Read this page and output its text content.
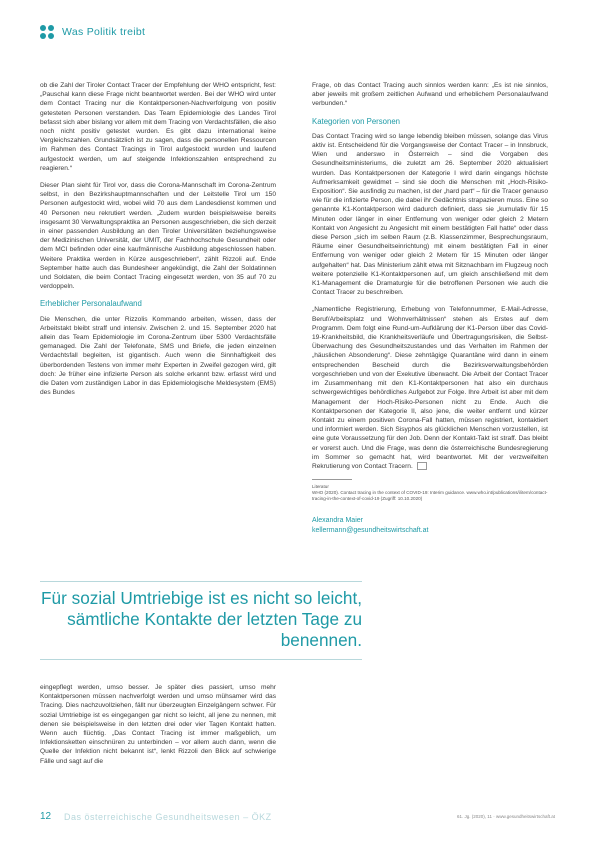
Was Politik treibt

ob die Zahl der Tiroler Contact Tracer der Empfehlung der WHO entspricht, fest: „Pauschal kann diese Frage nicht beantwortet werden. Bei der WHO wird unter dem Contact Tracing nur die Kontaktpersonen-Nachverfolgung von positiv getesteten Personen verstanden. Das Team Epidemiologie des Landes Tirol befasst sich aber bislang vor allem mit dem Tracing von Verdachtsfällen, die also noch nicht positiv getestet wurden. Es gibt dazu international keine Vergleichszahlen. Grundsätzlich ist zu sagen, dass die personellen Ressourcen im Rahmen des Contact Tracings in Tirol aufgestockt wurden und laufend aufgestockt werden, um auf steigende Infektionszahlen entsprechend zu reagieren.“

Dieser Plan sieht für Tirol vor, dass die Corona-Mannschaft im Corona-Zentrum selbst, in den Bezirkshauptmannschaften und der Leitstelle Tirol um 150 Personen aufgestockt wird, wobei wild 70 aus dem Landesdienst kommen und 40 Personen neu rekrutiert werden. „Zudem wurden beispielsweise bereits insgesamt 30 Verwaltungspraktika an Personen ausgeschrieben, die sich derzeit in einer passenden Ausbildung an den Tiroler Universitäten beziehungsweise der Medizinischen Universität, der UMIT, der Fachhochschule Gesundheit oder dem MCI befinden oder eine kaufmännische Ausbildung abgeschlossen haben. Weitere Praktika werden in Kürze ausgeschrieben“, zählt Rizzoli auf. Ende September hatte auch das Bundesheer angekündigt, die Zahl der Soldatinnen und Soldaten, die beim Contact Tracing eingesetzt werden, von 35 auf 70 zu verdoppeln.

Erheblicher Personalaufwand

Die Menschen, die unter Rizzolis Kommando arbeiten, wissen, dass der Arbeitstakt bleibt straff und intensiv. Zwischen 2. und 15. September 2020 hat allein das Team Epidemiologie im Corona-Zentrum über 5300 Verdachtsfälle gemanaged. Die Zahl der Telefonate, SMS und Briefe, die jeden einzelnen Verdachtsfall begleiten, ist gigantisch. Auch wenn die Sinnhaftigkeit des überbordenden Testens von immer mehr Experten in Zweifel gezogen wird, gilt doch: Je früher eine infizierte Person als solche erkannt bzw. erfasst wird und die Daten vom zuständigen Labor in das Epidemiologische Meldesystem (EMS) des Bundes

Für sozial Umtriebige ist es nicht so leicht, sämtliche Kontakte der letzten Tage zu benennen.

eingepflegt werden, umso besser. Je später dies passiert, umso mehr Kontaktpersonen müssen nachverfolgt werden und umso mühsamer wird das Tracing. Dies nachzuvollziehen, fällt nur überzeugten Einzelgängern schwer. Für sozial Umtriebige ist es eingegangen gar nicht so leicht, all jene zu nennen, mit denen sie beispielsweise in den letzten drei oder vier Tagen Kontakt hatten. Wenn auch flüchtig. „Das Contact Tracing ist immer maßgeblich, um Infektionsketten einschnüren zu unterbinden – vor allem auch dann, wenn die Quelle der Infektion nicht bekannt ist“, lenkt Rizzoli den Blick auf schwierige Fälle und sagt auf die

Frage, ob das Contact Tracing auch sinnlos werden kann: „Es ist nie sinnlos, aber jeweils mit großem zeitlichen Aufwand und erheblichem Personalaufwand verbunden.“

Kategorien von Personen

Das Contact Tracing wird so lange lebendig bleiben müssen, solange das Virus aktiv ist. Entscheidend für die Vorgangsweise der Contact Tracer – in Innsbruck, Wien und anderswo in Österreich – sind die Vorgaben des Gesundheitsministeriums, die zuletzt am 26. September 2020 aktualisiert wurden. Das Kontaktpersonen der Kategorie I wird darin eingangs höchste Aufmerksamkeit gewidmet – sind sie doch die Menschen mit „Hoch-Risiko-Exposition“. Sie ausfindig zu machen, ist der „hard part“ – für die Tracer genauso wie für die infizierte Person, die dabei ihr Gedächtnis strapazieren muss. Eine so genannte K1-Kontaktperson wird dadurch definiert, dass sie „kumulativ für 15 Minuten oder länger in einer Entfernung von weniger oder gleich 2 Metern Kontakt von Angesicht zu Angesicht mit einem bestätigten Fall hatte“ oder dass diese Person „sich im selben Raum (z.B. Klassenzimmer, Besprechungsraum, Räume einer Gesundheitseinrichtung) mit einem bestätigten Fall in einer Entfernung von weniger oder gleich 2 Metern für 15 Minuten oder länger aufgehalten“ hat. Das Ministerium zählt etwa mit Sitznachbarn im Flugzeug noch weitere potenzielle K1-Kontaktpersonen auf, um gleich anschließend mit dem K1-Management die Dramaturgie für die betroffenen Personen wie auch die Contact Tracer zu beschreiben.

„Namentliche Registrierung, Erhebung von Telefonnummer, E-Mail-Adresse, Beruf/Arbeitsplatz und Wohnverhältnissen“ stehen als Erstes auf dem Programm. Dem folgt eine Rund-um-Aufklärung der K1-Person über das Covid-19-Krankheitsbild, die Krankheitsverläufe und Übertragungsrisiken, die Selbst-Überwachung des Gesundheitszustandes und das Verhalten im Rahmen der „häuslichen Absonderung“. Diese zehntägige Quarantäne wird dann in einem entsprechenden Bescheid durch die Bezirksverwaltungsbehörden vorgeschrieben und von der Exekutive überwacht. Die Arbeit der Contact Tracer im Zusammenhang mit den K1-Kontaktpersonen hat also ein durchaus schwergewichtiges behördliches Aufgebot zur Folge. Ihre Arbeit ist aber mit dem Management der Hoch-Risiko-Personen nicht zu Ende. Auch die Kontaktpersonen der Kategorie II, also jene, die weiter entfernt und kürzer Kontakt zu einem positiven Corona-Fall hatten, müssen registriert, kontaktiert und informiert werden. Sich Sisyphos als glücklichen Menschen vorzustellen, ist eine gute Voraussetzung für den Job. Denn der Kontakt-Takt ist straff. Das bleibt er vorerst auch. Und die Frage, was denn die österreichische Bundesregierung im Sommer so gemacht hat, wird beantwortet. Mit der verzweifelten Rekrutierung von Contact Tracern.

Literatur
WHO (2020). Contact tracing in the context of COVID-19: Interim guidance. www.who.int/publications/i/item/contact-tracing-in-the-context-of-covid-19 (Zugriff: 10.10.2020)
Alexandra Maier
kellermann@gesundheitswirtschaft.at
12 Das österreichische Gesundheitswesen – ÖKZ	61. Jg. (2020), 11 · www.gesundheitswirtschaft.at
